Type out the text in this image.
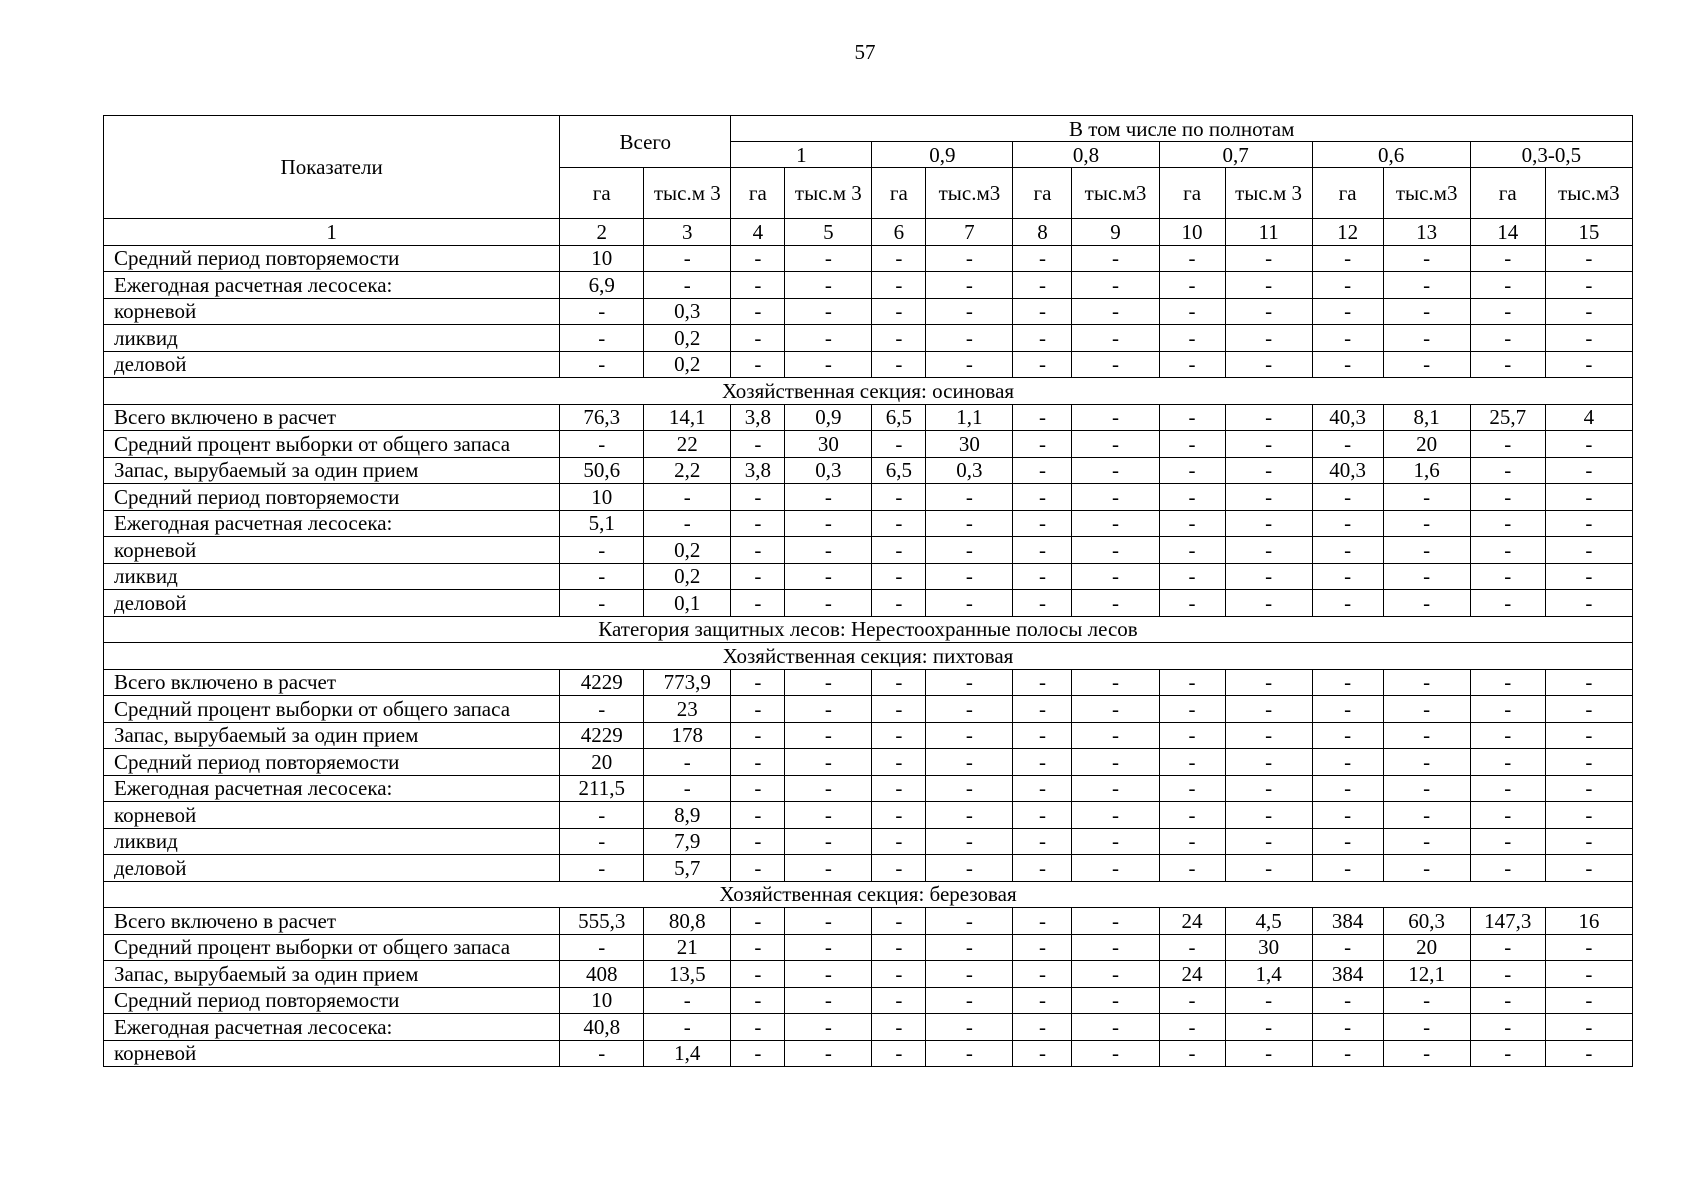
57
Показатели	Всего		В том числе по полнотам											
			1		0,9		0,8		0,7		0,6		0,3-0,5	
	га	тыс.м 3	га	тыс.м 3	га	тыс.м3	га	тыс.м3	га	тыс.м 3	га	тыс.м3	га	тыс.м3
1	2	3	4	5	6	7	8	9	10	11	12	13	14	15
Средний период повторяемости	10	-	-	-	-	-	-	-	-	-	-	-	-	-
Ежегодная расчетная лесосека:	6,9	-	-	-	-	-	-	-	-	-	-	-	-	-
корневой	-	0,3	-	-	-	-	-	-	-	-	-	-	-	-
ликвид	-	0,2	-	-	-	-	-	-	-	-	-	-	-	-
деловой	-	0,2	-	-	-	-	-	-	-	-	-	-	-	-
Хозяйственная секция: осиновая														
Всего включено в расчет	76,3	14,1	3,8	0,9	6,5	1,1	-	-	-	-	40,3	8,1	25,7	4
Средний процент выборки от общего запаса	-	22	-	30	-	30	-	-	-	-	-	20	-	-
Запас, вырубаемый за один прием	50,6	2,2	3,8	0,3	6,5	0,3	-	-	-	-	40,3	1,6	-	-
Средний период повторяемости	10	-	-	-	-	-	-	-	-	-	-	-	-	-
Ежегодная расчетная лесосека:	5,1	-	-	-	-	-	-	-	-	-	-	-	-	-
корневой	-	0,2	-	-	-	-	-	-	-	-	-	-	-	-
ликвид	-	0,2	-	-	-	-	-	-	-	-	-	-	-	-
деловой	-	0,1	-	-	-	-	-	-	-	-	-	-	-	-
Категория защитных лесов: Нерестоохранные полосы лесов														
Хозяйственная секция: пихтовая														
Всего включено в расчет	4229	773,9	-	-	-	-	-	-	-	-	-	-	-	-
Средний процент выборки от общего запаса	-	23	-	-	-	-	-	-	-	-	-	-	-	-
Запас, вырубаемый за один прием	4229	178	-	-	-	-	-	-	-	-	-	-	-	-
Средний период повторяемости	20	-	-	-	-	-	-	-	-	-	-	-	-	-
Ежегодная расчетная лесосека:	211,5	-	-	-	-	-	-	-	-	-	-	-	-	-
корневой	-	8,9	-	-	-	-	-	-	-	-	-	-	-	-
ликвид	-	7,9	-	-	-	-	-	-	-	-	-	-	-	-
деловой	-	5,7	-	-	-	-	-	-	-	-	-	-	-	-
Хозяйственная секция: березовая														
Всего включено в расчет	555,3	80,8	-	-	-	-	-	-	24	4,5	384	60,3	147,3	16
Средний процент выборки от общего запаса	-	21	-	-	-	-	-	-	-	30	-	20	-	-
Запас, вырубаемый за один прием	408	13,5	-	-	-	-	-	-	24	1,4	384	12,1	-	-
Средний период повторяемости	10	-	-	-	-	-	-	-	-	-	-	-	-	-
Ежегодная расчетная лесосека:	40,8	-	-	-	-	-	-	-	-	-	-	-	-	-
корневой	-	1,4	-	-	-	-	-	-	-	-	-	-	-	-
